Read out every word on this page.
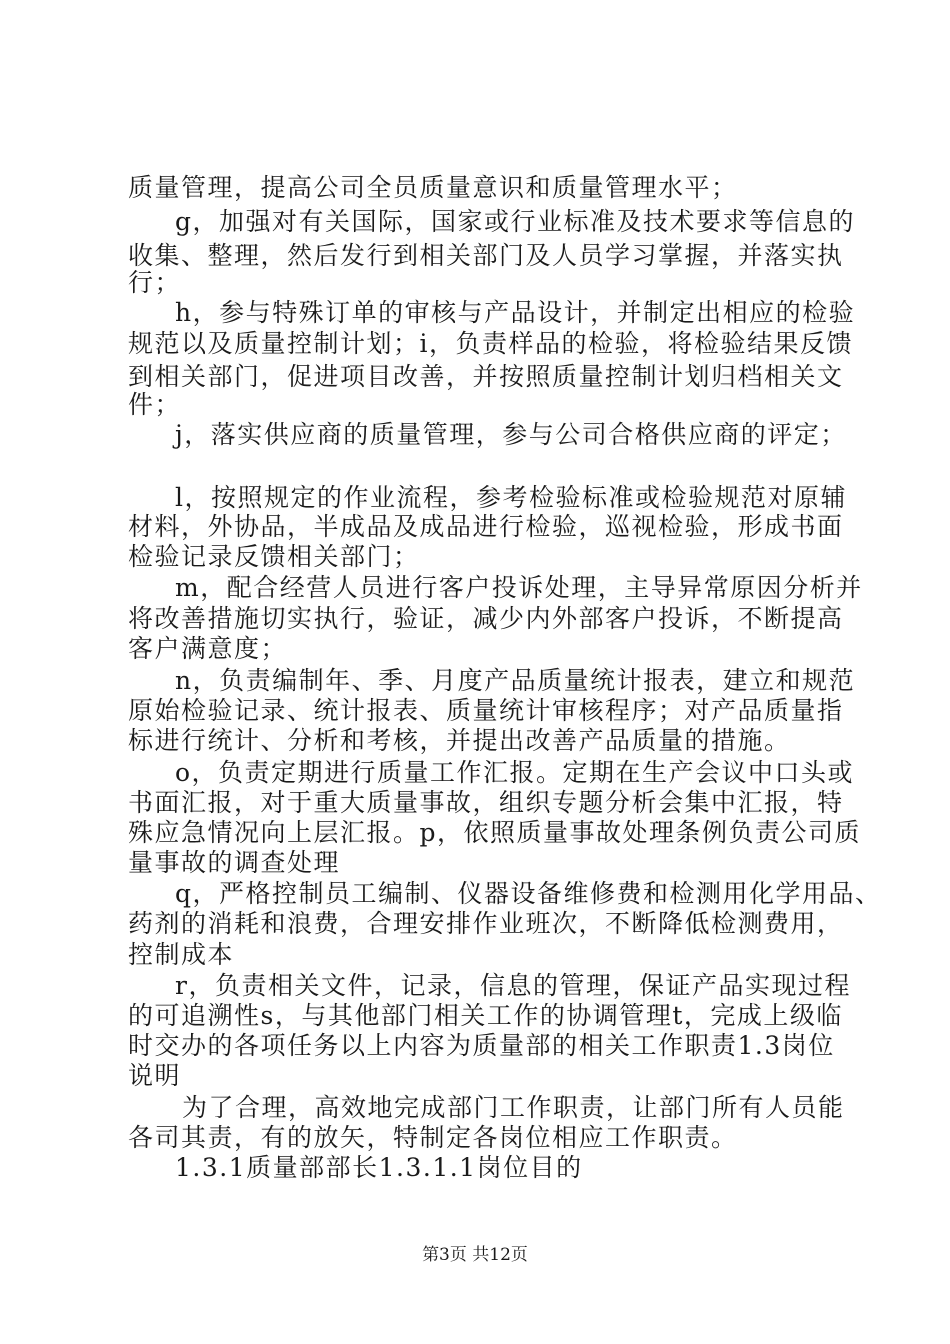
质量管理，提高公司全员质量意识和质量管理水平；
g，加强对有关国际，国家或行业标准及技术要求等信息的
收集、整理，然后发行到相关部门及人员学习掌握，并落实执
行；
h，参与特殊订单的审核与产品设计，并制定出相应的检验
规范以及质量控制计划；i，负责样品的检验，将检验结果反馈
到相关部门，促进项目改善，并按照质量控制计划归档相关文
件；
j，落实供应商的质量管理，参与公司合格供应商的评定；
l，按照规定的作业流程，参考检验标准或检验规范对原辅
材料，外协品，半成品及成品进行检验，巡视检验，形成书面
检验记录反馈相关部门；
m，配合经营人员进行客户投诉处理，主导异常原因分析并
将改善措施切实执行，验证，减少内外部客户投诉，不断提高
客户满意度；
n，负责编制年、季、月度产品质量统计报表，建立和规范
原始检验记录、统计报表、质量统计审核程序；对产品质量指
标进行统计、分析和考核，并提出改善产品质量的措施。
o，负责定期进行质量工作汇报。定期在生产会议中口头或
书面汇报，对于重大质量事故，组织专题分析会集中汇报，特
殊应急情况向上层汇报。p，依照质量事故处理条例负责公司质
量事故的调查处理
q，严格控制员工编制、仪器设备维修费和检测用化学用品、
药剂的消耗和浪费，合理安排作业班次，不断降低检测费用，
控制成本
r，负责相关文件，记录，信息的管理，保证产品实现过程
的可追溯性s，与其他部门相关工作的协调管理t，完成上级临
时交办的各项任务以上内容为质量部的相关工作职责1.3岗位
说明
为了合理，高效地完成部门工作职责，让部门所有人员能
各司其责，有的放矢，特制定各岗位相应工作职责。
1.3.1质量部部长1.3.1.1岗位目的
第3页 共12页
